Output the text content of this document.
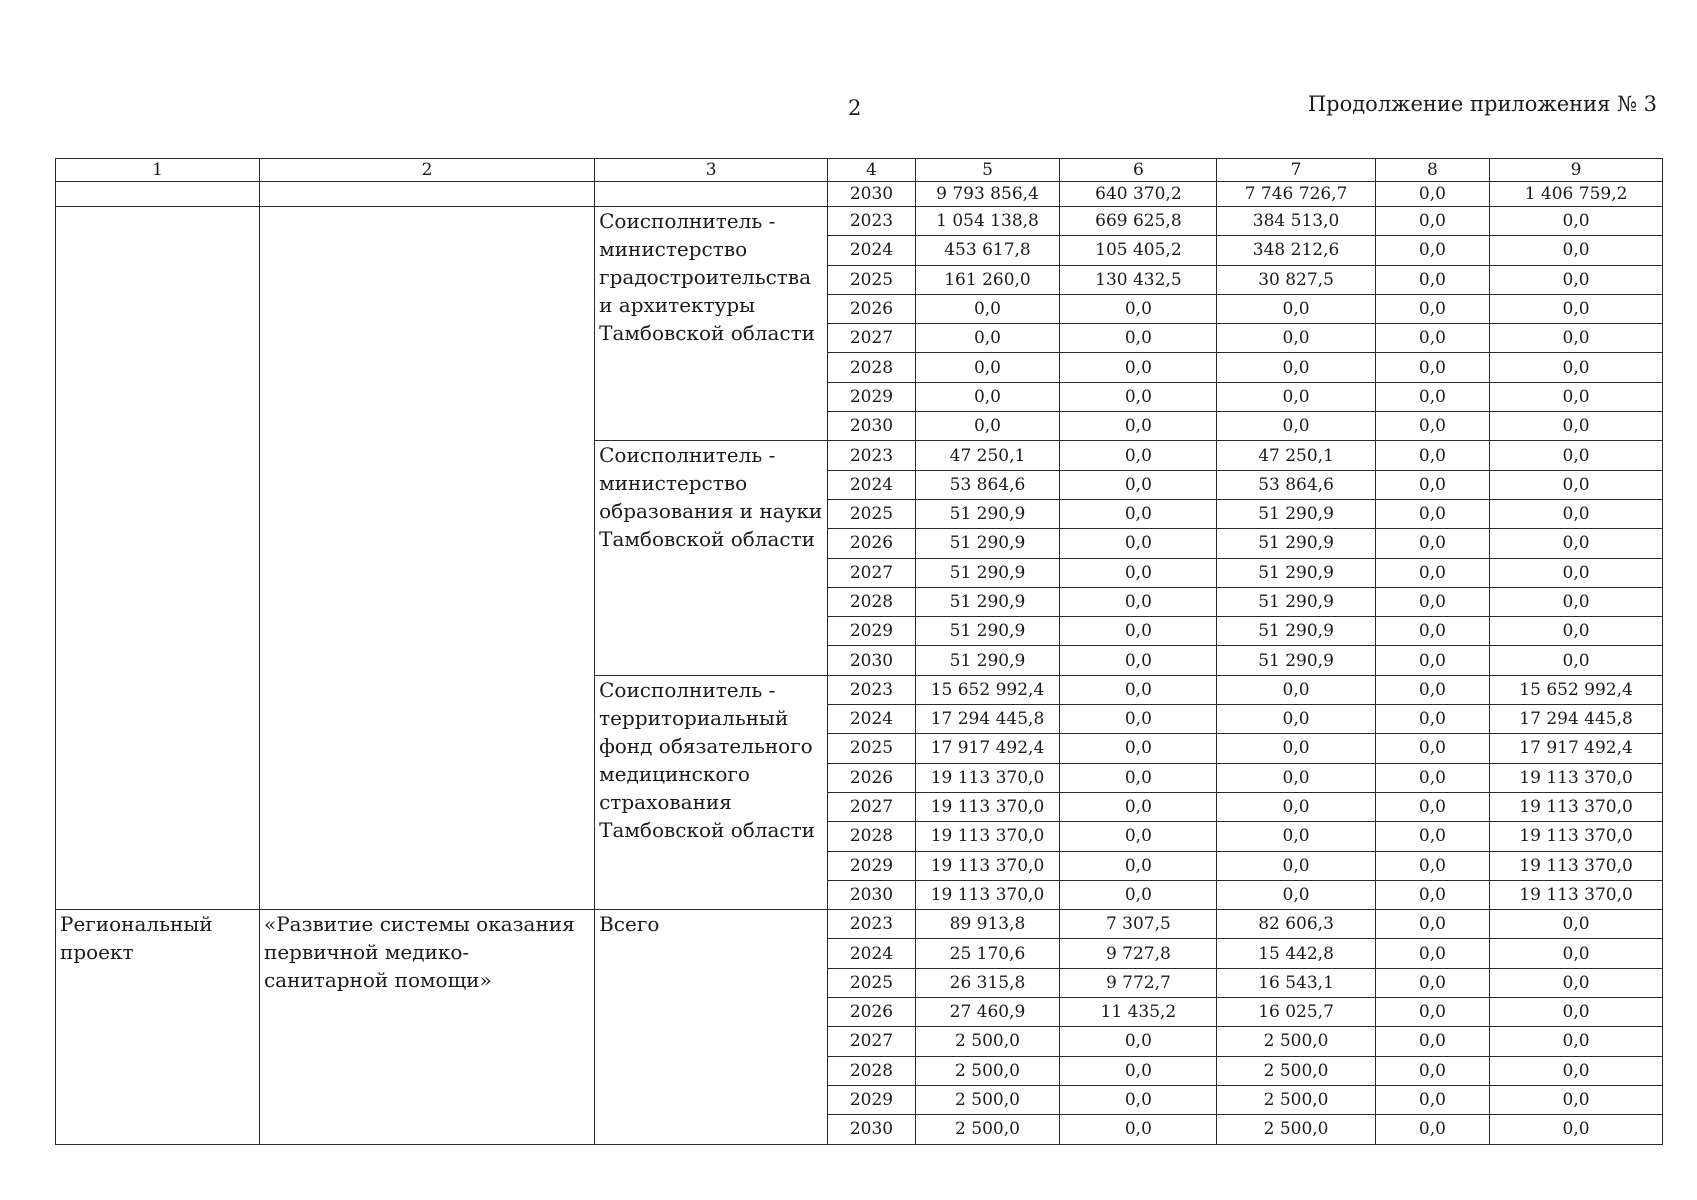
2	Продолжение приложения № 3
1	2	3	4	5	6	7	8	9
			2030	9 793 856,4	640 370,2	7 746 726,7	0,0	1 406 759,2
		Соисполнитель - министерство градостроительства и архитектуры Тамбовской области	2023	1 054 138,8	669 625,8	384 513,0	0,0	0,0
			2024	453 617,8	105 405,2	348 212,6	0,0	0,0
			2025	161 260,0	130 432,5	30 827,5	0,0	0,0
			2026	0,0	0,0	0,0	0,0	0,0
			2027	0,0	0,0	0,0	0,0	0,0
			2028	0,0	0,0	0,0	0,0	0,0
			2029	0,0	0,0	0,0	0,0	0,0
			2030	0,0	0,0	0,0	0,0	0,0
		Соисполнитель - министерство образования и науки Тамбовской области	2023	47 250,1	0,0	47 250,1	0,0	0,0
			2024	53 864,6	0,0	53 864,6	0,0	0,0
			2025	51 290,9	0,0	51 290,9	0,0	0,0
			2026	51 290,9	0,0	51 290,9	0,0	0,0
			2027	51 290,9	0,0	51 290,9	0,0	0,0
			2028	51 290,9	0,0	51 290,9	0,0	0,0
			2029	51 290,9	0,0	51 290,9	0,0	0,0
			2030	51 290,9	0,0	51 290,9	0,0	0,0
		Соисполнитель - территориальный фонд обязательного медицинского страхования Тамбовской области	2023	15 652 992,4	0,0	0,0	0,0	15 652 992,4
			2024	17 294 445,8	0,0	0,0	0,0	17 294 445,8
			2025	17 917 492,4	0,0	0,0	0,0	17 917 492,4
			2026	19 113 370,0	0,0	0,0	0,0	19 113 370,0
			2027	19 113 370,0	0,0	0,0	0,0	19 113 370,0
			2028	19 113 370,0	0,0	0,0	0,0	19 113 370,0
			2029	19 113 370,0	0,0	0,0	0,0	19 113 370,0
			2030	19 113 370,0	0,0	0,0	0,0	19 113 370,0
Региональный проект	«Развитие системы оказания первичной медико-санитарной помощи»	Всего	2023	89 913,8	7 307,5	82 606,3	0,0	0,0
			2024	25 170,6	9 727,8	15 442,8	0,0	0,0
			2025	26 315,8	9 772,7	16 543,1	0,0	0,0
			2026	27 460,9	11 435,2	16 025,7	0,0	0,0
			2027	2 500,0	0,0	2 500,0	0,0	0,0
			2028	2 500,0	0,0	2 500,0	0,0	0,0
			2029	2 500,0	0,0	2 500,0	0,0	0,0
			2030	2 500,0	0,0	2 500,0	0,0	0,0
